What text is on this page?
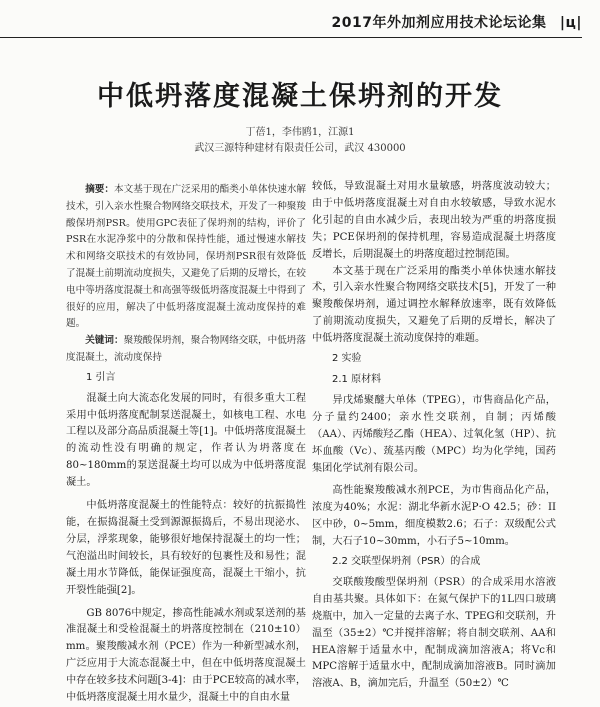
2017年外加剂应用技术论坛论集 |ц|
中低坍落度混凝土保坍剂的开发
丁蓓1，李伟鸥1，江源1
武汉三源特种建材有限责任公司，武汉 430000

摘要：本文基于现在广泛采用的酯类小单体快速水解技术，引入亲水性聚合物网络交联技术，开发了一种聚羧酸保坍剂PSR。使用GPC表征了保坍剂的结构，评价了PSR在水泥净浆中的分散和保持性能，通过慢速水解技术和网络交联技术的有效协同，保坍剂PSR很有效降低了混凝土前期流动度损失，又避免了后期的反增长，在较电中等坍落度混凝土和高强等级低坍落度混凝土中得到了很好的应用，解决了中低坍落度混凝土流动度保持的难题。

关键词：聚羧酸保坍剂，聚合物网络交联，中低坍落度混凝土，流动度保持

1 引言

混凝土向大流态化发展的同时，有很多重大工程采用中低坍落度配制泵送混凝土，如核电工程、水电工程以及部分高品质混凝土等[1]。中低坍落度混凝土的流动性没有明确的规定，作者认为坍落度在80~180mm的泵送混凝土均可以成为中低坍落度混凝土。

中低坍落度混凝土的性能特点：较好的抗振捣性能，在振捣混凝土受到源源振捣后，不易出现泌水、分层，浮浆现象，能够很好地保持混凝土的均一性；气泡溢出时间较长，具有较好的包裹性及和易性；混凝土用水节降低，能保证强度高，混凝土干缩小，抗开裂性能强[2]。

GB 8076中规定，掺高性能减水剂或泵送剂的基准混凝土和受检混凝土的坍落度控制在（210±10）mm。聚羧酸减水剂（PCE）作为一种新型减水剂，广泛应用于大流态混凝土中，但在中低坍落度混凝土中存在较多技术问题[3-4]：由于PCE较高的减水率，中低坍落度混凝土用水量少，混凝土中的自由水量

较低，导致混凝土对用水量敏感，坍落度波动较大；由于中低坍落度混凝土对自由水较敏感，导致水泥水化引起的自由水减少后，表现出较为严重的坍落度损失；PCE保坍剂的保持机理，容易造成混凝土坍落度反增长，后期混凝土的坍落度超过控制范围。

本文基于现在广泛采用的酯类小单体快速水解技术，引入亲水性聚合物网络交联技术[5]，开发了一种聚羧酸保坍剂，通过调控水解释放速率，既有效降低了前期流动度损失，又避免了后期的反增长，解决了中低坍落度混凝土流动度保持的难题。

2 实验
2.1 原材料

异戊烯聚醚大单体（TPEG），市售商品化产品，分子量约2400；亲水性交联剂，自制；丙烯酸（AA）、丙烯酸羟乙酯（HEA）、过氧化氢（HP）、抗坏血酸（Vc）、巯基丙酸（MPC）均为化学纯，国药集团化学试剂有限公司。

高性能聚羧酸减水剂PCE，为市售商品化产品，浓度为40%；水泥：湖北华新水泥P·O 42.5；砂：II区中砂，0~5mm，细度模数2.6；石子：双级配公式制，大石子10~30mm，小石子5~10mm。

2.2 交联型保坍剂（PSR）的合成

交联酸羧酸型保坍剂（PSR）的合成采用水溶液自由基共聚。具体如下：在氮气保护下的1L四口玻璃烧瓶中，加入一定量的去离子水、TPEG和交联剂，升温至（35±2）℃并搅拌溶解；将自制交联剂、AA和HEA溶解于适量水中，配制成滴加溶液A；将Vc和MPC溶解于适量水中，配制成滴加溶液B。同时滴加溶液A、B，滴加完后，升温至（50±2）℃
